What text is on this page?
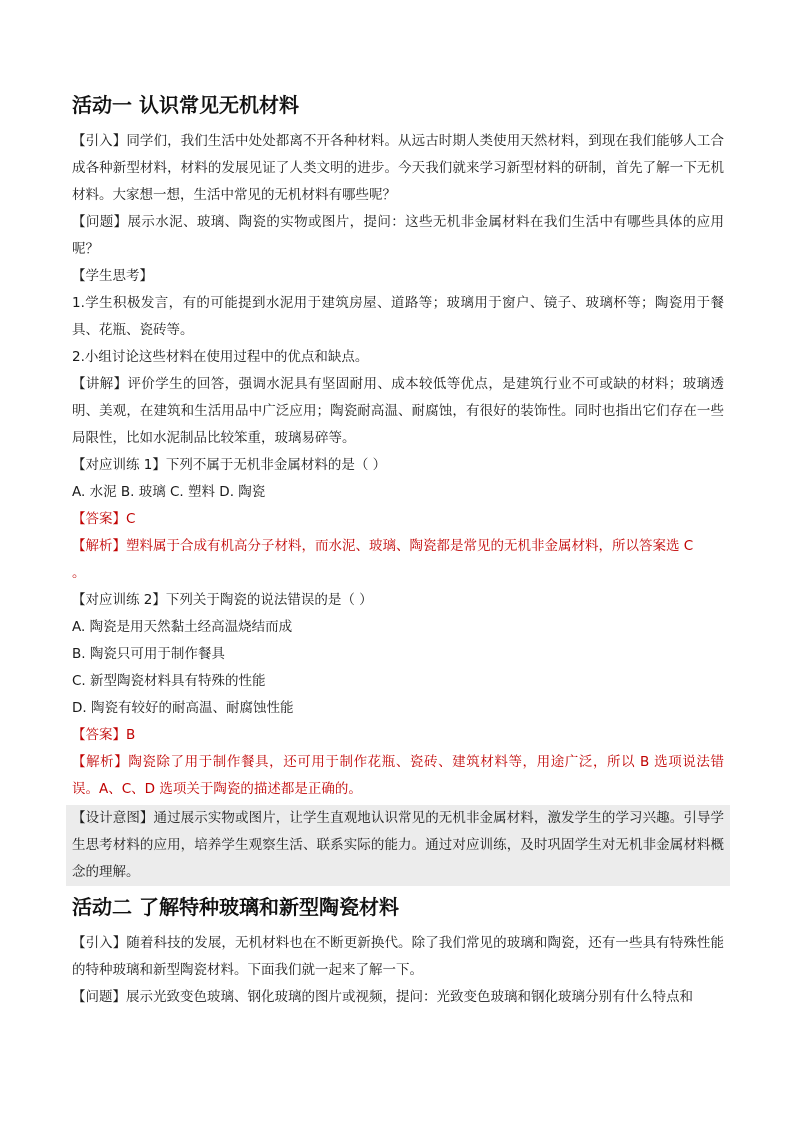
活动一 认识常见无机材料

【引入】同学们，我们生活中处处都离不开各种材料。从远古时期人类使用天然材料，到现在我们能够人工合成各种新型材料，材料的发展见证了人类文明的进步。今天我们就来学习新型材料的研制，首先了解一下无机材料。大家想一想，生活中常见的无机材料有哪些呢？

【问题】展示水泥、玻璃、陶瓷的实物或图片，提问：这些无机非金属材料在我们生活中有哪些具体的应用呢？

【学生思考】

1.学生积极发言，有的可能提到水泥用于建筑房屋、道路等；玻璃用于窗户、镜子、玻璃杯等；陶瓷用于餐具、花瓶、瓷砖等。

2.小组讨论这些材料在使用过程中的优点和缺点。

【讲解】评价学生的回答，强调水泥具有坚固耐用、成本较低等优点，是建筑行业不可或缺的材料；玻璃透明、美观，在建筑和生活用品中广泛应用；陶瓷耐高温、耐腐蚀，有很好的装饰性。同时也指出它们存在一些局限性，比如水泥制品比较笨重，玻璃易碎等。

【对应训练 1】下列不属于无机非金属材料的是（ ）

A. 水泥 B. 玻璃 C. 塑料 D. 陶瓷

【答案】C

【解析】塑料属于合成有机高分子材料，而水泥、玻璃、陶瓷都是常见的无机非金属材料，所以答案选 C

。

【对应训练 2】下列关于陶瓷的说法错误的是（ ）

A. 陶瓷是用天然黏土经高温烧结而成

B. 陶瓷只可用于制作餐具

C. 新型陶瓷材料具有特殊的性能

D. 陶瓷有较好的耐高温、耐腐蚀性能

【答案】B

【解析】陶瓷除了用于制作餐具，还可用于制作花瓶、瓷砖、建筑材料等，用途广泛，所以 B 选项说法错误。A、C、D 选项关于陶瓷的描述都是正确的。

【设计意图】通过展示实物或图片，让学生直观地认识常见的无机非金属材料，激发学生的学习兴趣。引导学生思考材料的应用，培养学生观察生活、联系实际的能力。通过对应训练，及时巩固学生对无机非金属材料概念的理解。

活动二 了解特种玻璃和新型陶瓷材料

【引入】随着科技的发展，无机材料也在不断更新换代。除了我们常见的玻璃和陶瓷，还有一些具有特殊性能的特种玻璃和新型陶瓷材料。下面我们就一起来了解一下。

【问题】展示光致变色玻璃、钢化玻璃的图片或视频，提问：光致变色玻璃和钢化玻璃分别有什么特点和
